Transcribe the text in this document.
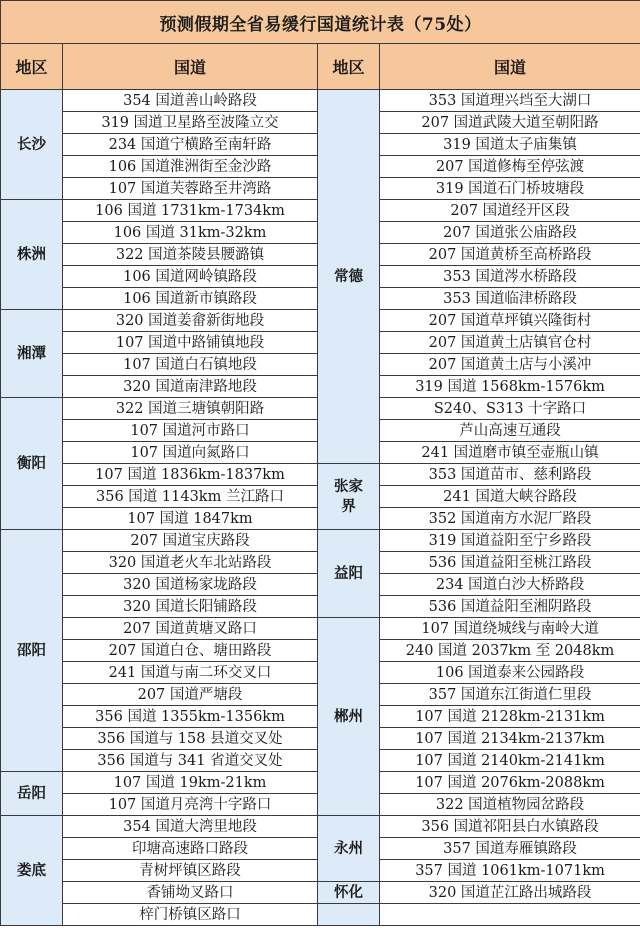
预测假期全省易缓行国道统计表（75处）			
地区	国道	地区	国道
长沙	354 国道善山岭路段	常德	353 国道理兴垱至大湖口
	319 国道卫星路至波隆立交		207 国道武陵大道至朝阳路
	234 国道宁横路至南轩路		319 国道太子庙集镇
	106 国道淮洲街至金沙路		207 国道修梅至停弦渡
	107 国道芙蓉路至井湾路		319 国道石门桥坡塘段
株洲	106 国道 1731km-1734km		207 国道经开区段
	106 国道 31km-32km		207 国道张公庙路段
	322 国道茶陵县腰潞镇		207 国道黄桥至高桥路段
	106 国道网岭镇路段		353 国道涔水桥路段
	106 国道新市镇路段		353 国道临津桥路段
湘潭	320 国道姜畲新街地段		207 国道草坪镇兴隆街村
	107 国道中路铺镇地段		207 国道黄土店镇官仓村
	107 国道白石镇地段		207 国道黄土店与小溪冲
	320 国道南津路地段		319 国道 1568km-1576km
衡阳	322 国道三塘镇朝阳路		S240、S313 十字路口
	107 国道河市路口		芦山高速互通段
	107 国道向氮路口		241 国道磨市镇至壶瓶山镇
	107 国道 1836km-1837km	张家界	353 国道苗市、慈利路段
	356 国道 1143km 兰江路口		241 国道大峡谷路段
	107 国道 1847km		352 国道南方水泥厂路段
邵阳	207 国道宝庆路段	益阳	319 国道益阳至宁乡路段
	320 国道老火车北站路段		536 国道益阳至桃江路段
	320 国道杨家垅路段		234 国道白沙大桥路段
	320 国道长阳铺路段		536 国道益阳至湘阴路段
	207 国道黄塘叉路口	郴州	107 国道绕城线与南岭大道
	207 国道白仓、塘田路段		240 国道 2037km 至 2048km
	241 国道与南二环交叉口		106 国道泰来公园路段
	207 国道严塘段		357 国道东江街道仁里段
	356 国道 1355km-1356km		107 国道 2128km-2131km
	356 国道与 158 县道交叉处		107 国道 2134km-2137km
	356 国道与 341 省道交叉处		107 国道 2140km-2141km
岳阳	107 国道 19km-21km		107 国道 2076km-2088km
	107 国道月亮湾十字路口		322 国道植物园岔路段
娄底	354 国道大湾里地段	永州	356 国道祁阳县白水镇路段
	印塘高速路口路段		357 国道寿雁镇路段
	青树坪镇区路段		357 国道 1061km-1071km
	香铺坳叉路口	怀化	320 国道芷江路出城路段
	梓门桥镇区路口		
